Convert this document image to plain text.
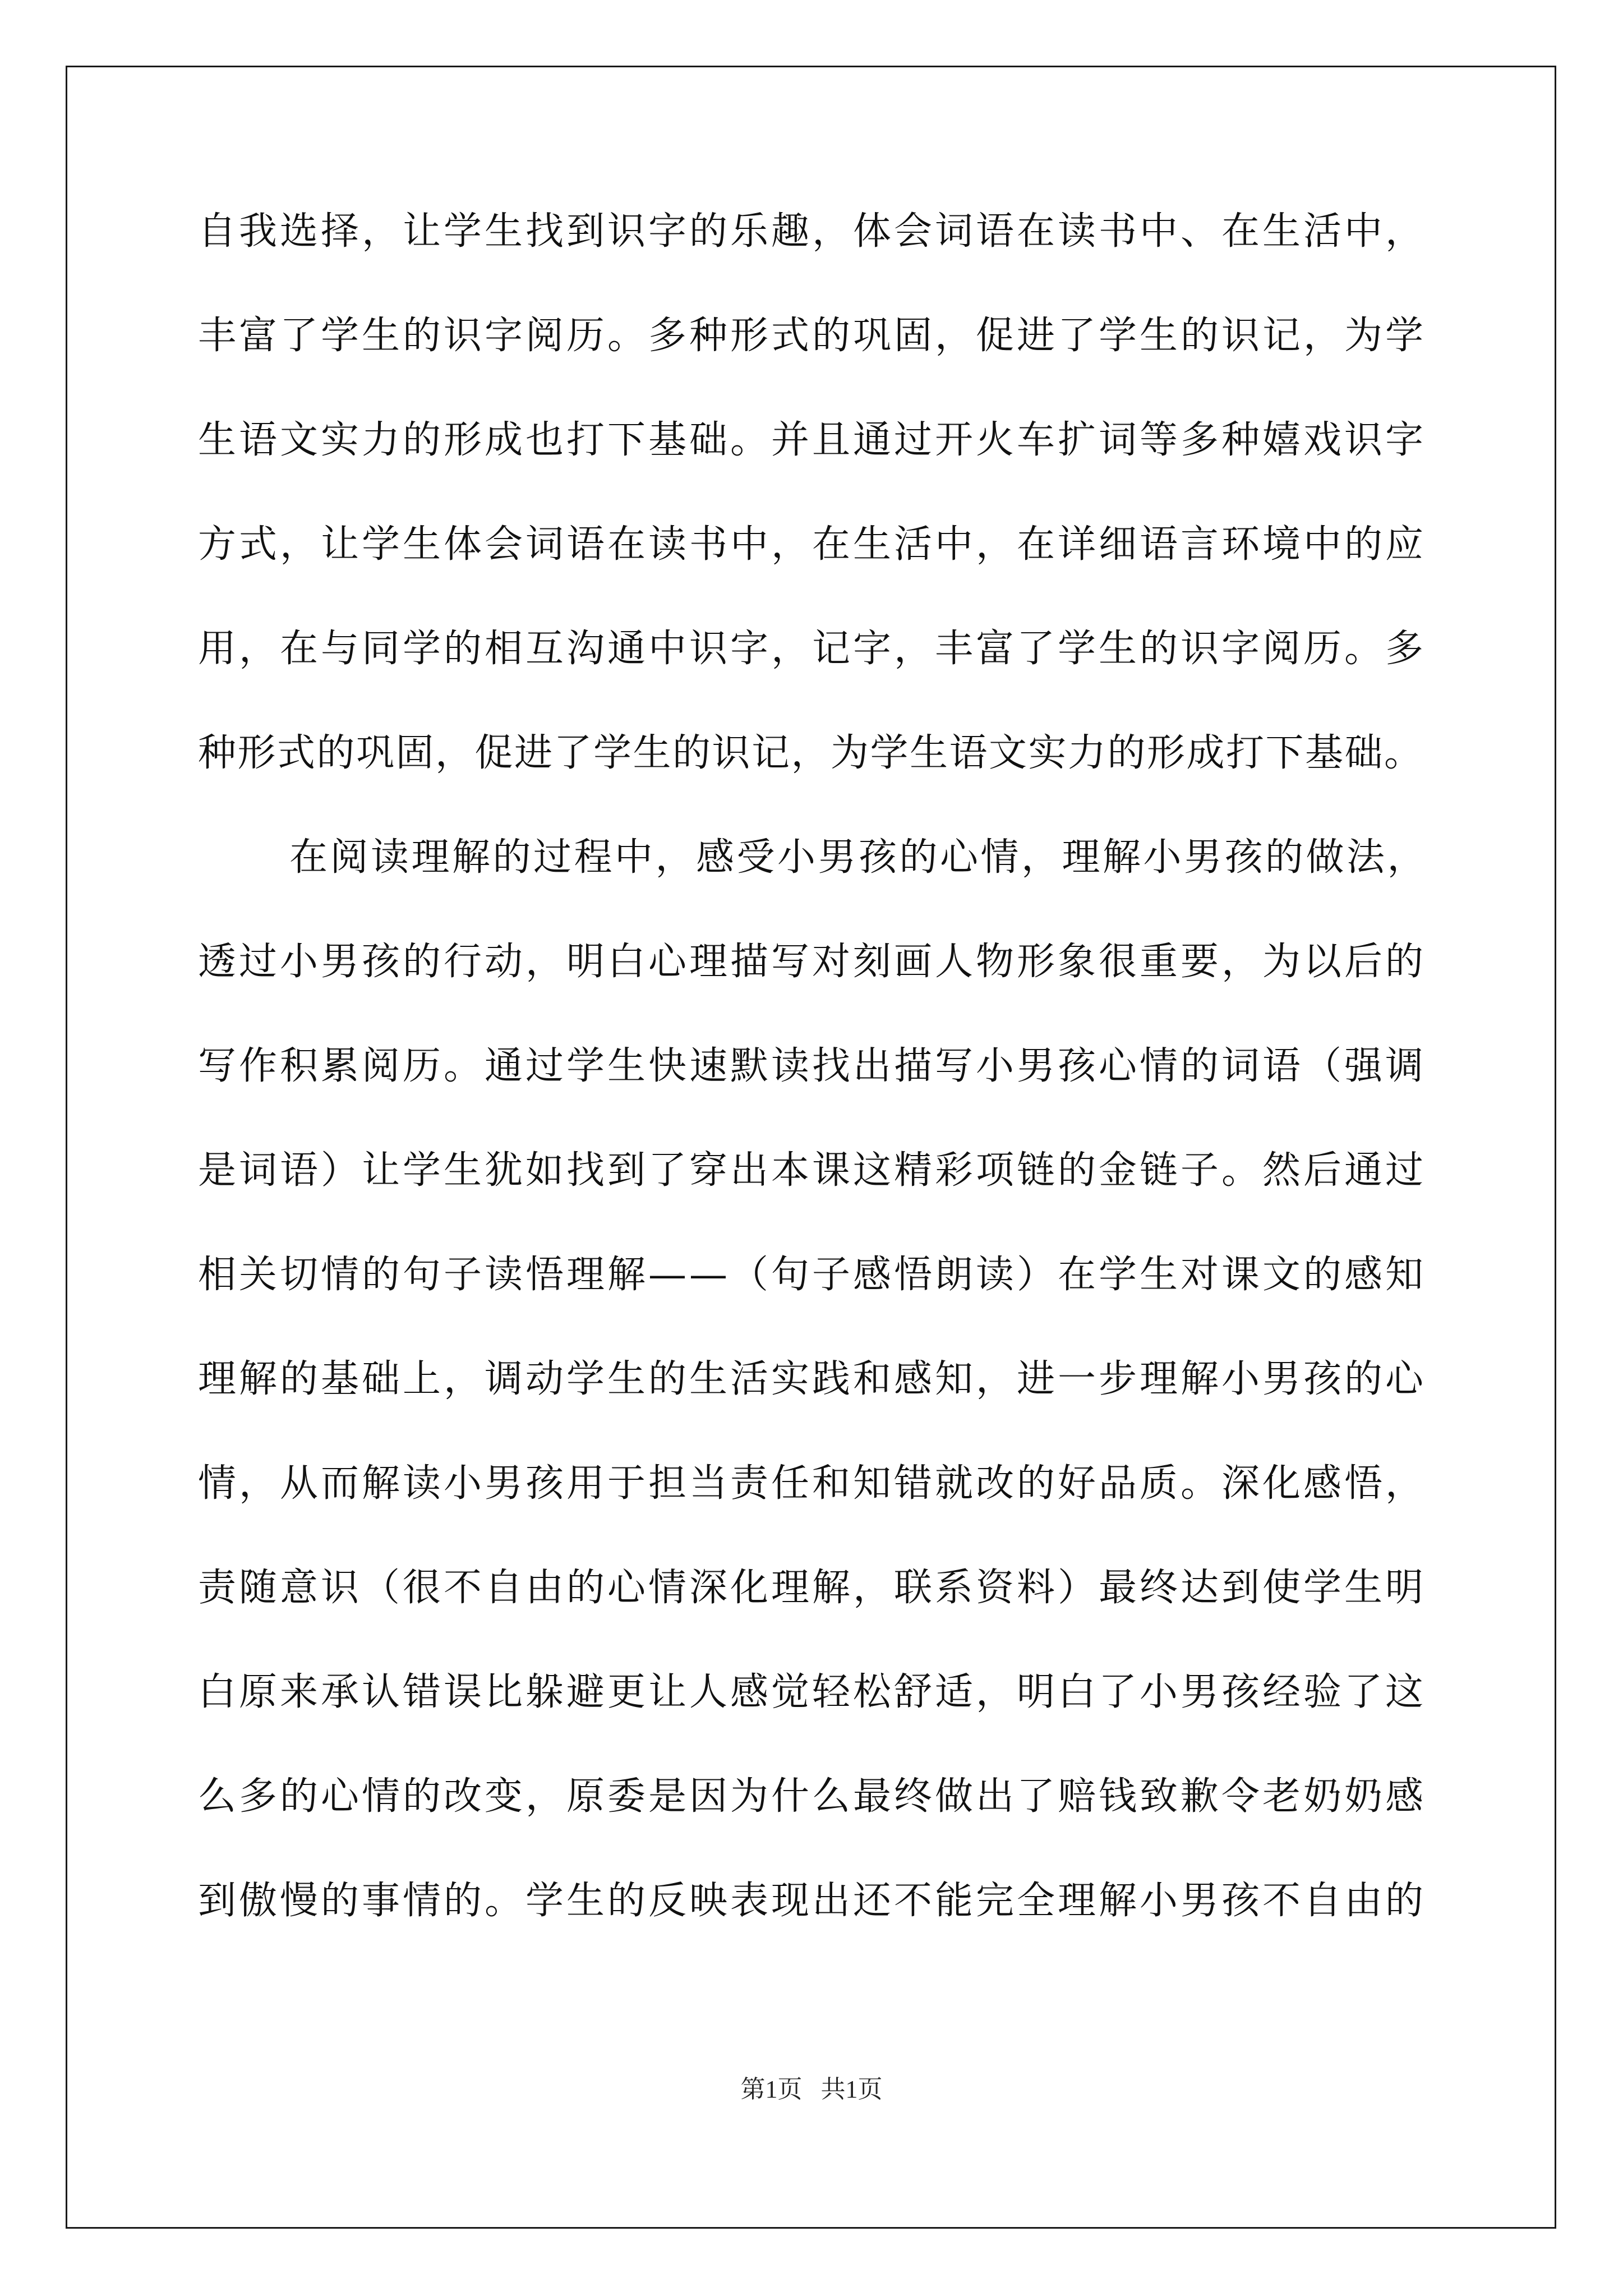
自我选择，让学生找到识字的乐趣，体会词语在读书中、在生活中，
丰富了学生的识字阅历。多种形式的巩固，促进了学生的识记，为学
生语文实力的形成也打下基础。并且通过开火车扩词等多种嬉戏识字
方式，让学生体会词语在读书中，在生活中，在详细语言环境中的应
用，在与同学的相互沟通中识字，记字，丰富了学生的识字阅历。多
种形式的巩固，促进了学生的识记，为学生语文实力的形成打下基础。
在阅读理解的过程中，感受小男孩的心情，理解小男孩的做法，
透过小男孩的行动，明白心理描写对刻画人物形象很重要，为以后的
写作积累阅历。通过学生快速默读找出描写小男孩心情的词语（强调
是词语）让学生犹如找到了穿出本课这精彩项链的金链子。然后通过
相关切情的句子读悟理解——（句子感悟朗读）在学生对课文的感知
理解的基础上，调动学生的生活实践和感知，进一步理解小男孩的心
情，从而解读小男孩用于担当责任和知错就改的好品质。深化感悟，
责随意识（很不自由的心情深化理解，联系资料）最终达到使学生明
白原来承认错误比躲避更让人感觉轻松舒适，明白了小男孩经验了这
么多的心情的改变，原委是因为什么最终做出了赔钱致歉令老奶奶感
到傲慢的事情的。学生的反映表现出还不能完全理解小男孩不自由的
第1页   共1页
